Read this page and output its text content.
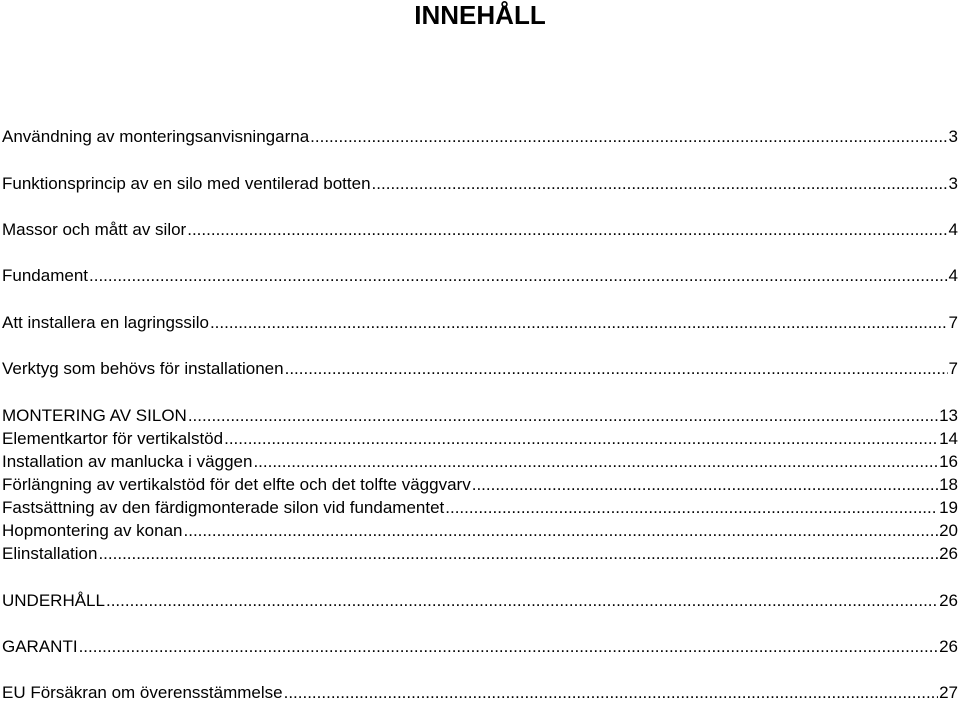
INNEHÅLL
Användning av monteringsanvisningarna .....	3
Funktionsprincip av en silo med ventilerad botten .....	3
Massor och mått av silor .....	4
Fundament .....	4
Att installera en lagringssilo .....	7
Verktyg som behövs för installationen .....	7
MONTERING AV SILON .....	13
Elementkartor för vertikalstöd .....	14
Installation av manlucka i väggen .....	16
Förlängning av vertikalstöd för det elfte och det tolfte väggvarv .....	18
Fastsättning av den färdigmonterade silon vid fundamentet .....	19
Hopmontering av konan .....	20
Elinstallation .....	26
UNDERHÅLL .....	26
GARANTI .....	26
EU Försäkran om överensstämmelse .....	27
